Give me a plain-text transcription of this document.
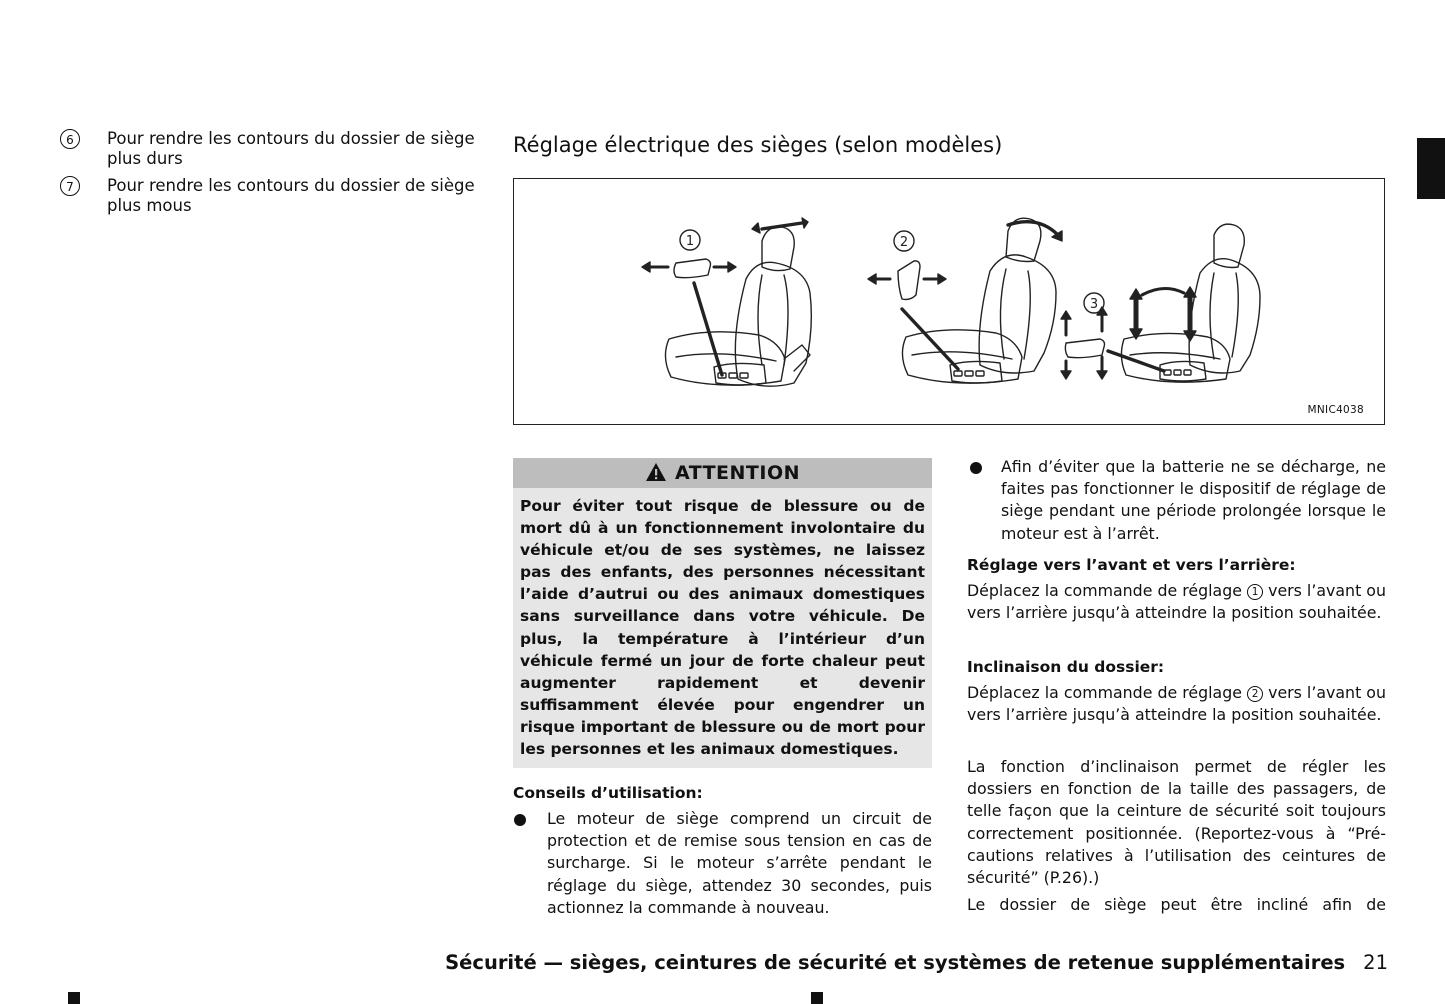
6	Pour rendre les contours du dossier de siège plus durs
7	Pour rendre les contours du dossier de siège plus mous
Réglage électrique des sièges (selon modèles)
1	2
3
MNIC4038
ATTENTION
Pour éviter tout risque de blessure ou de mort dû à un fonctionnement involontaire du véhicule et/ou de ses systèmes, ne laissez pas des enfants, des personnes nécessitant l’aide d’autrui ou des animaux domestiques sans surveillance dans votre véhicule. De plus, la température à l’intérieur d’un véhicule fermé un jour de forte chaleur peut augmenter rapidement et devenir suffisamment élevée pour engendrer un risque important de blessure ou de mort pour les personnes et les animaux domestiques.
Conseils d’utilisation:
Le moteur de siège comprend un circuit de protection et de remise sous tension en cas de surcharge. Si le moteur s’arrête pendant le réglage du siège, attendez 30 secondes, puis actionnez la commande à nouveau.
Afin d’éviter que la batterie ne se décharge, ne faites pas fonctionner le dispositif de réglage de siège pendant une période prolongée lorsque le moteur est à l’arrêt.
Réglage vers l’avant et vers l’arrière:
Déplacez la commande de réglage 1 vers l’avant ou vers l’arrière jusqu’à atteindre la position souhaitée.
Inclinaison du dossier:
Déplacez la commande de réglage 2 vers l’avant ou vers l’arrière jusqu’à atteindre la position souhaitée.
La fonction d’inclinaison permet de régler les dossiers en fonction de la taille des passagers, de telle façon que la ceinture de sécurité soit toujours correctement positionnée. (Reportez-vous à “Précautions relatives à l’utilisation des ceintures de sécurité” (P.26).)
Le dossier de siège peut être incliné afin de
Sécurité — sièges, ceintures de sécurité et systèmes de retenue supplémentaires 21
